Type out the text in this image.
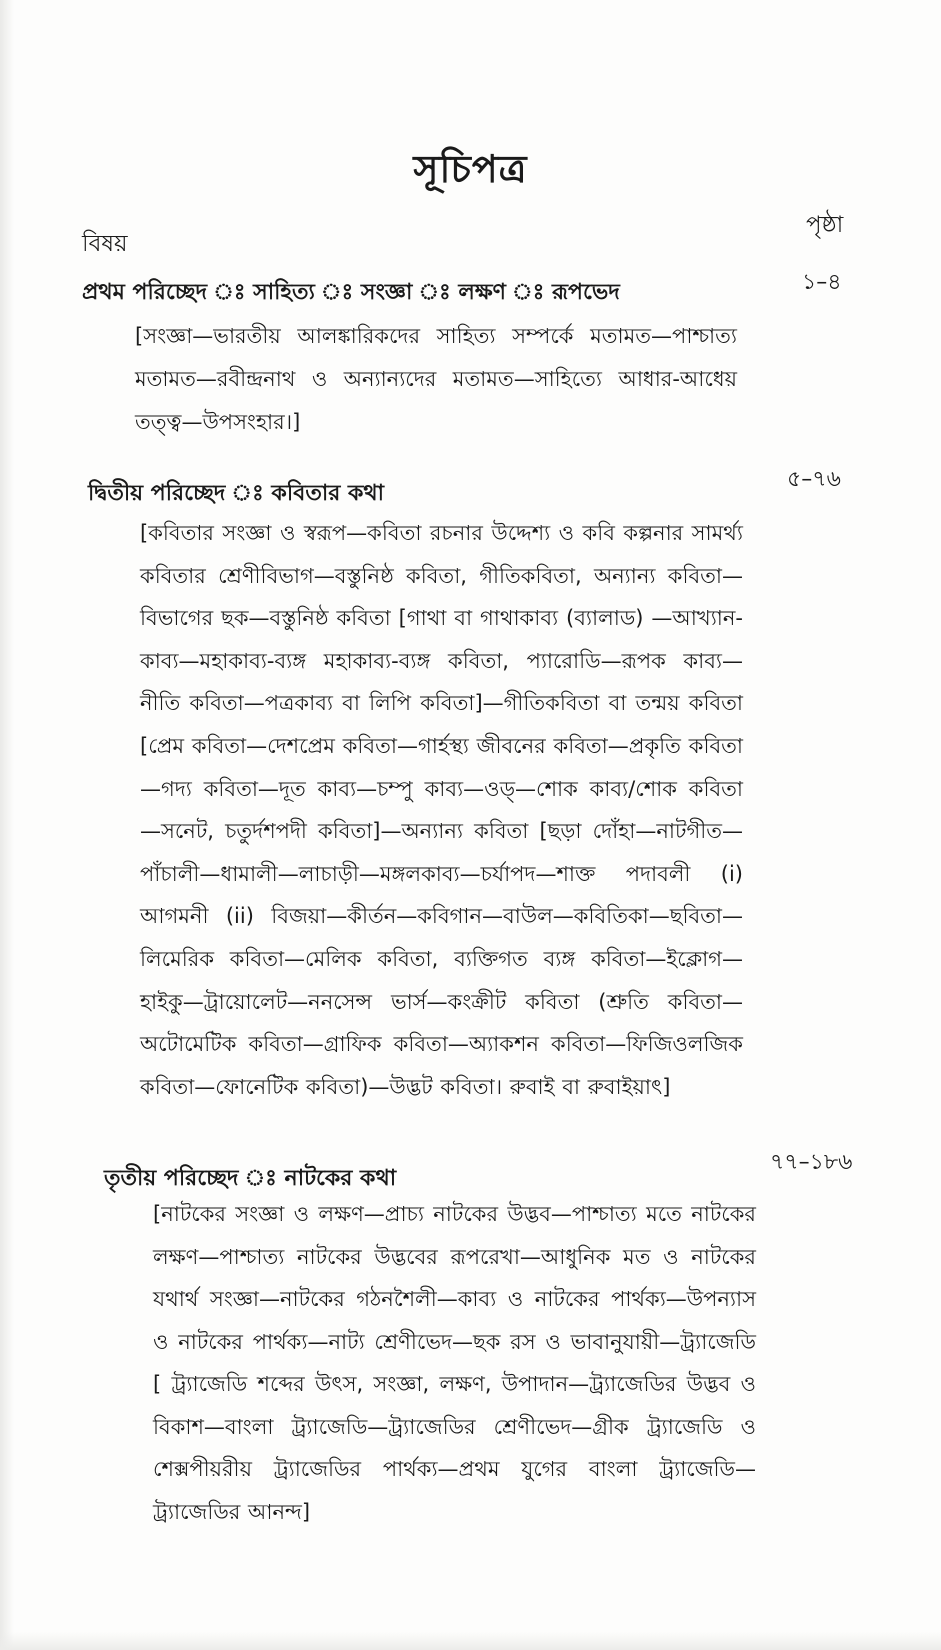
সূচিপত্র
বিষয়
পৃষ্ঠা
প্রথম পরিচ্ছেদ ঃ সাহিত্য ঃ সংজ্ঞা ঃ লক্ষণ ঃ রূপভেদ	১–৪
[সংজ্ঞা—ভারতীয় আলঙ্কারিকদের সাহিত্য সম্পর্কে মতামত—পাশ্চাত্য মতামত—রবীন্দ্রনাথ ও অন্যান্যদের মতামত—সাহিত্যে আধার-আধেয় তত্ত্ব—উপসংহার।]
দ্বিতীয় পরিচ্ছেদ ঃ কবিতার কথা
৫–৭৬
[কবিতার সংজ্ঞা ও স্বরূপ—কবিতা রচনার উদ্দেশ্য ও কবি কল্পনার সামর্থ্য কবিতার শ্রেণীবিভাগ—বস্তুনিষ্ঠ কবিতা, গীতিকবিতা, অন্যান্য কবিতা—বিভাগের ছক—বস্তুনিষ্ঠ কবিতা [গাথা বা গাথাকাব্য (ব্যালাড) —আখ্যান-কাব্য—মহাকাব্য-ব্যঙ্গ মহাকাব্য-ব্যঙ্গ কবিতা, প্যারোডি—রূপক কাব্য—নীতি কবিতা—পত্রকাব্য বা লিপি কবিতা]—গীতিকবিতা বা তন্ময় কবিতা [প্রেম কবিতা—দেশপ্রেম কবিতা—গার্হস্থ্য জীবনের কবিতা—প্রকৃতি কবিতা—গদ্য কবিতা—দূত কাব্য—চম্পু কাব্য—ওড্—শোক কাব্য/শোক কবিতা—সনেট, চতুর্দশপদী কবিতা]—অন্যান্য কবিতা [ছড়া দোঁহা—নাটগীত—পাঁচালী—ধামালী—লাচাড়ী—মঙ্গলকাব্য—চর্যাপদ—শাক্ত পদাবলী (i) আগমনী (ii) বিজয়া—কীর্তন—কবিগান—বাউল—কবিতিকা—ছবিতা—লিমেরিক কবিতা—মেলিক কবিতা, ব্যক্তিগত ব্যঙ্গ কবিতা—ইক্লোগ—হাইকু—ট্রায়োলেট—ননসেন্স ভার্স—কংক্রীট কবিতা (শ্রুতি কবিতা—অটোমেটিক কবিতা—গ্রাফিক কবিতা—অ্যাকশন কবিতা—ফিজিওলজিক কবিতা—ফোনেটিক কবিতা)—উদ্ভট কবিতা। রুবাই বা রুবাইয়াৎ]
তৃতীয় পরিচ্ছেদ ঃ নাটকের কথা
৭৭–১৮৬
[নাটকের সংজ্ঞা ও লক্ষণ—প্রাচ্য নাটকের উদ্ভব—পাশ্চাত্য মতে নাটকের লক্ষণ—পাশ্চাত্য নাটকের উদ্ভবের রূপরেখা—আধুনিক মত ও নাটকের যথার্থ সংজ্ঞা—নাটকের গঠনশৈলী—কাব্য ও নাটকের পার্থক্য—উপন্যাস ও নাটকের পার্থক্য—নাট্য শ্রেণীভেদ—ছক রস ও ভাবানুযায়ী—ট্র্যাজেডি [ ট্র্যাজেডি শব্দের উৎস, সংজ্ঞা, লক্ষণ, উপাদান—ট্র্যাজেডির উদ্ভব ও বিকাশ—বাংলা ট্র্যাজেডি—ট্র্যাজেডির শ্রেণীভেদ—গ্রীক ট্র্যাজেডি ও শেক্সপীয়রীয় ট্র্যাজেডির পার্থক্য—প্রথম যুগের বাংলা ট্র্যাজেডি—ট্র্যাজেডির আনন্দ]
